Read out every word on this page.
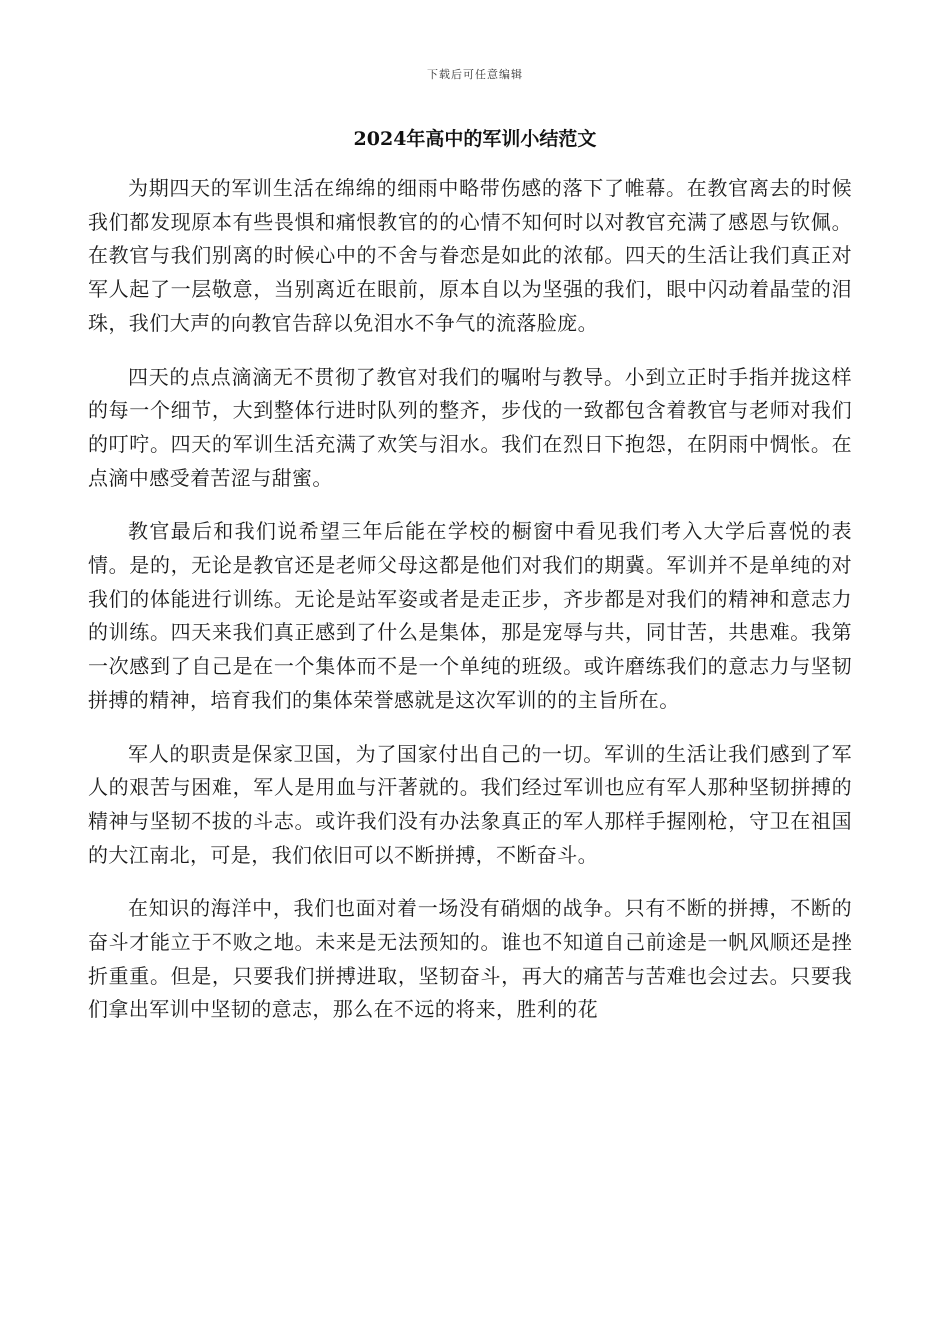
下载后可任意编辑
2024年高中的军训小结范文

为期四天的军训生活在绵绵的细雨中略带伤感的落下了帷幕。在教官离去的时候我们都发现原本有些畏惧和痛恨教官的的心情不知何时以对教官充满了感恩与钦佩。在教官与我们别离的时候心中的不舍与眷恋是如此的浓郁。四天的生活让我们真正对军人起了一层敬意，当别离近在眼前，原本自以为坚强的我们，眼中闪动着晶莹的泪珠，我们大声的向教官告辞以免泪水不争气的流落脸庞。

四天的点点滴滴无不贯彻了教官对我们的嘱咐与教导。小到立正时手指并拢这样的每一个细节，大到整体行进时队列的整齐，步伐的一致都包含着教官与老师对我们的叮咛。四天的军训生活充满了欢笑与泪水。我们在烈日下抱怨，在阴雨中惆怅。在点滴中感受着苦涩与甜蜜。

教官最后和我们说希望三年后能在学校的橱窗中看见我们考入大学后喜悦的表情。是的，无论是教官还是老师父母这都是他们对我们的期冀。军训并不是单纯的对我们的体能进行训练。无论是站军姿或者是走正步，齐步都是对我们的精神和意志力的训练。四天来我们真正感到了什么是集体，那是宠辱与共，同甘苦，共患难。我第一次感到了自己是在一个集体而不是一个单纯的班级。或许磨练我们的意志力与坚韧拼搏的精神，培育我们的集体荣誉感就是这次军训的的主旨所在。

军人的职责是保家卫国，为了国家付出自己的一切。军训的生活让我们感到了军人的艰苦与困难，军人是用血与汗著就的。我们经过军训也应有军人那种坚韧拼搏的精神与坚韧不拔的斗志。或许我们没有办法象真正的军人那样手握刚枪，守卫在祖国的大江南北，可是，我们依旧可以不断拼搏，不断奋斗。

在知识的海洋中，我们也面对着一场没有硝烟的战争。只有不断的拼搏，不断的奋斗才能立于不败之地。未来是无法预知的。谁也不知道自己前途是一帆风顺还是挫折重重。但是，只要我们拼搏进取，坚韧奋斗，再大的痛苦与苦难也会过去。只要我们拿出军训中坚韧的意志，那么在不远的将来，胜利的花
